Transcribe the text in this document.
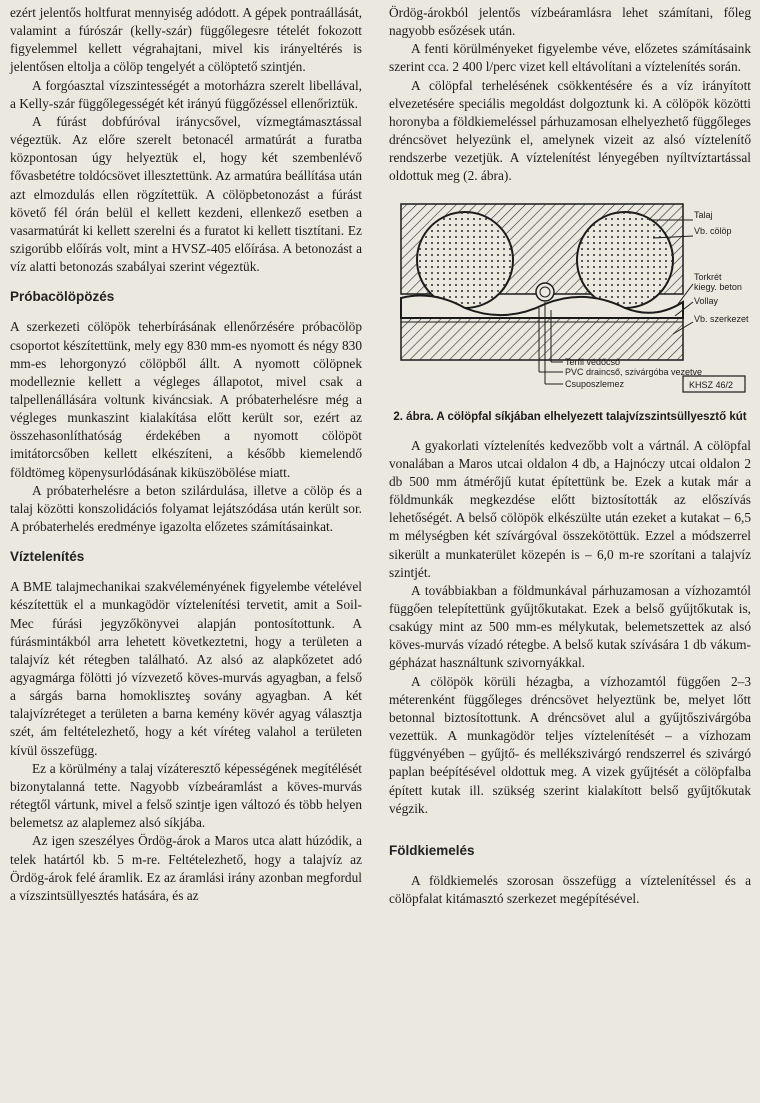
ezért jelentős holtfurat mennyiség adódott. A gépek pontraállását, valamint a fúrószár (kelly-szár) függőlegesre tételét fokozott figyelemmel kellett végrahajtani, mivel kis irányeltérés is jelentősen eltolja a cölöp tengelyét a cölöptető szintjén.

A forgóasztal vízszintességét a motorházra szerelt libellával, a Kelly-szár függőlegességét két irányú függőzéssel ellenőriztük.

A fúrást dobfúróval iránycsővel, vízmegtámasztással végeztük. Az előre szerelt betonacél armatúrát a furatba központosan úgy helyeztük el, hogy két szembenlévő fővasbetétre toldócsövet illesztettünk. Az armatúra beállítása után azt elmozdulás ellen rögzítettük. A cölöpbetonozást a fúrást követő fél órán belül el kellett kezdeni, ellenkező esetben a vasarmatúrát ki kellett szerelni és a furatot ki kellett tisztítani. Ez szigorúbb előírás volt, mint a HVSZ-405 előírása. A betonozást a víz alatti betonozás szabályai szerint végeztük.

Próbacölöpözés

A szerkezeti cölöpök teherbírásának ellenőrzésére próbacölöp csoportot készítettünk, mely egy 830 mm-es nyomott és négy 830 mm-es lehorgonyzó cölöpből állt. A nyomott cölöpnek modelleznie kellett a végleges állapotot, mivel csak a talpellenállására voltunk kiváncsiak. A próbaterhelésre még a végleges munkaszint kialakítása előtt került sor, ezért az összehasonlíthatóság érdekében a nyomott cölöpöt imitátorcsőben kellett elkészíteni, a később kiemelendő földtömeg köpenysurlódásának kiküszöbölése miatt.

A próbaterhelésre a beton szilárdulása, illetve a cölöp és a talaj közötti konszolidációs folyamat lejátszódása után került sor. A próbaterhelés eredménye igazolta előzetes számításainkat.

Víztelenítés

A BME talajmechanikai szakvéleményének figyelembe vételével készítettük el a munkagödör víztelenítési tervetit, amit a Soil-Mec fúrási jegyzőkönyvei alapján pontosítottunk. A fúrásmintákból arra lehetett következtetni, hogy a területen a talajvíz két rétegben található. Az alsó az alapkőzetet adó agyagmárga fölötti jó vízvezető köves-murvás agyagban, a felső a sárgás barna homokliszteş sovány agyagban. A két talajvízréteget a területen a barna kemény kövér agyag választja szét, ám feltételezhető, hogy a két víréteg valahol a területen kívül összefügg.

Ez a körülmény a talaj vízáteresztő képességének megítélését bizonytalanná tette. Nagyobb vízbeáramlást a köves-murvás rétegtől vártunk, mivel a felső szintje igen változó és több helyen belemetsz az alaplemez alsó síkjába.

Az igen szeszélyes Ördög-árok a Maros utca alatt húzódik, a telek határtól kb. 5 m-re. Feltételezhető, hogy a talajvíz az Ördög-árok felé áramlik. Ez az áramlási irány azonban megfordul a vízszintsüllyesztés hatására, és az

Ördög-árokból jelentős vízbeáramlásra lehet számítani, főleg nagyobb esőzések után.

A fenti körülményeket figyelembe véve, előzetes számításaink szerint cca. 2 400 l/perc vizet kell eltávolítani a víztelenítés során.

A cölöpfal terhelésének csökkentésére és a víz irányított elvezetésére speciális megoldást dolgoztunk ki. A cölöpök közötti horonyba a földkiemeléssel párhuzamosan elhelyezhető függőleges dréncsövet helyezünk el, amelynek vizeit az alsó víztelenítő rendszerbe vezetjük. A víztelenítést lényegében nyíltvíztartással oldottuk meg (2. ábra).

Talaj
Vb. cölöp
Torkrét
kiegy. beton
Vollay
Vb. szerkezet
Terfil védőcső
PVC draincső, szivárgóba vezetve
Csuposzlemez	KHSZ 46/2
2. ábra. A cölöpfal síkjában elhelyezett talajvízszintsüllyesztő kút

A gyakorlati víztelenítés kedvezőbb volt a vártnál. A cölöpfal vonalában a Maros utcai oldalon 4 db, a Hajnóczy utcai oldalon 2 db 500 mm átmérőjű kutat építettünk be. Ezek a kutak már a földmunkák megkezdése előtt biztosították az előszívás lehetőségét. A belső cölöpök elkészülte után ezeket a kutakat – 6,5 m mélységben két szívárgóval összekötöttük. Ezzel a módszerrel sikerült a munkaterület közepén is – 6,0 m-re szorítani a talajvíz szintjét.

A továbbiakban a földmunkával párhuzamosan a vízhozamtól függően telepítettünk gyűjtőkutakat. Ezek a belső gyűjtőkutak is, csakúgy mint az 500 mm-es mélykutak, belemetszettek az alsó köves-murvás vízadó rétegbe. A belső kutak szívására 1 db vákum-gépházat használtunk szivornyákkal.

A cölöpök körüli hézagba, a vízhozamtól függően 2–3 méterenként függőleges dréncsövet helyeztünk be, melyet lőtt betonnal biztosítottunk. A dréncsövet alul a gyűjtőszivárgóba vezettük. A munkagödör teljes víztelenítését – a vízhozam függvényében – gyűjtő- és mellékszivárgó rendszerrel és szivárgó paplan beépítésével oldottuk meg. A vizek gyűjtését a cölöpfalba épített kutak ill. szükség szerint kialakított belső gyűjtőkutak végzik.

Földkiemelés

A földkiemelés szorosan összefügg a víztelenítéssel és a cölöpfalat kitámasztó szerkezet megépítésével.
